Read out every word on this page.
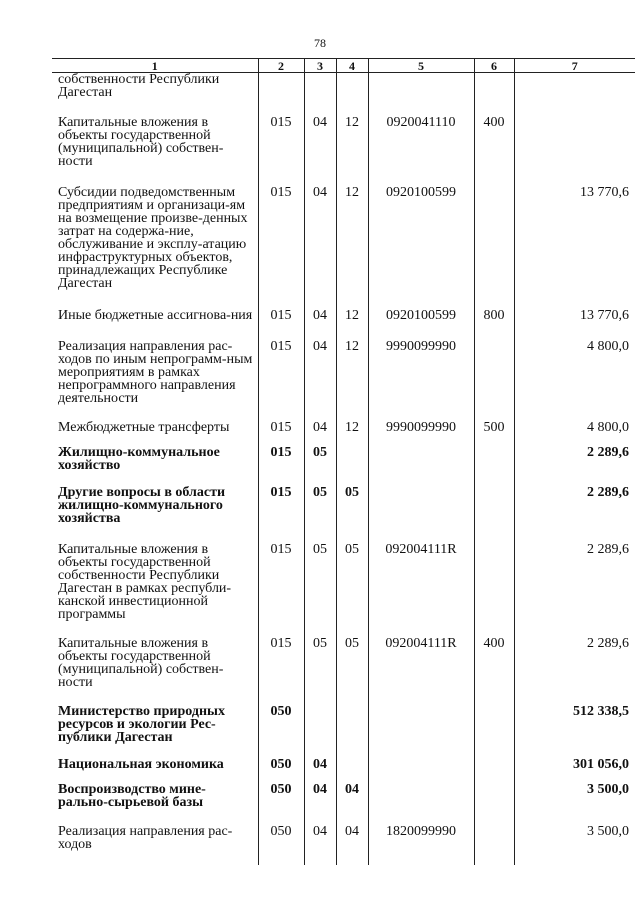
78
1	2	3	4	5	6	7
собственности Республики Дагестан						
Капитальные вложения в объекты государственной (муниципальной) собствен-ности	015	04	12	0920041110	400	
Субсидии подведомственным предприятиям и организаци-ям на возмещение произве-денных затрат на содержа-ние, обслуживание и эксплу-атацию инфраструктурных объектов, принадлежащих Республике Дагестан	015	04	12	0920100599		13 770,6
Иные бюджетные ассигнова-ния	015	04	12	0920100599	800	13 770,6
Реализация направления рас-ходов по иным непрограмм-ным мероприятиям в рамках непрограммного направления деятельности	015	04	12	9990099990		4 800,0
Межбюджетные трансферты	015	04	12	9990099990	500	4 800,0
Жилищно-коммунальное хозяйство	015	05				2 289,6
Другие вопросы в области жилищно-коммунального хозяйства	015	05	05			2 289,6
Капитальные вложения в объекты государственной собственности Республики Дагестан в рамках республи-канской инвестиционной программы	015	05	05	092004111R		2 289,6
Капитальные вложения в объекты государственной (муниципальной) собствен-ности	015	05	05	092004111R	400	2 289,6
Министерство природных ресурсов и экологии Рес-публики Дагестан	050					512 338,5
Национальная экономика	050	04				301 056,0
Воспроизводство мине-рально-сырьевой базы	050	04	04			3 500,0
Реализация направления рас-ходов	050	04	04	1820099990		3 500,0
